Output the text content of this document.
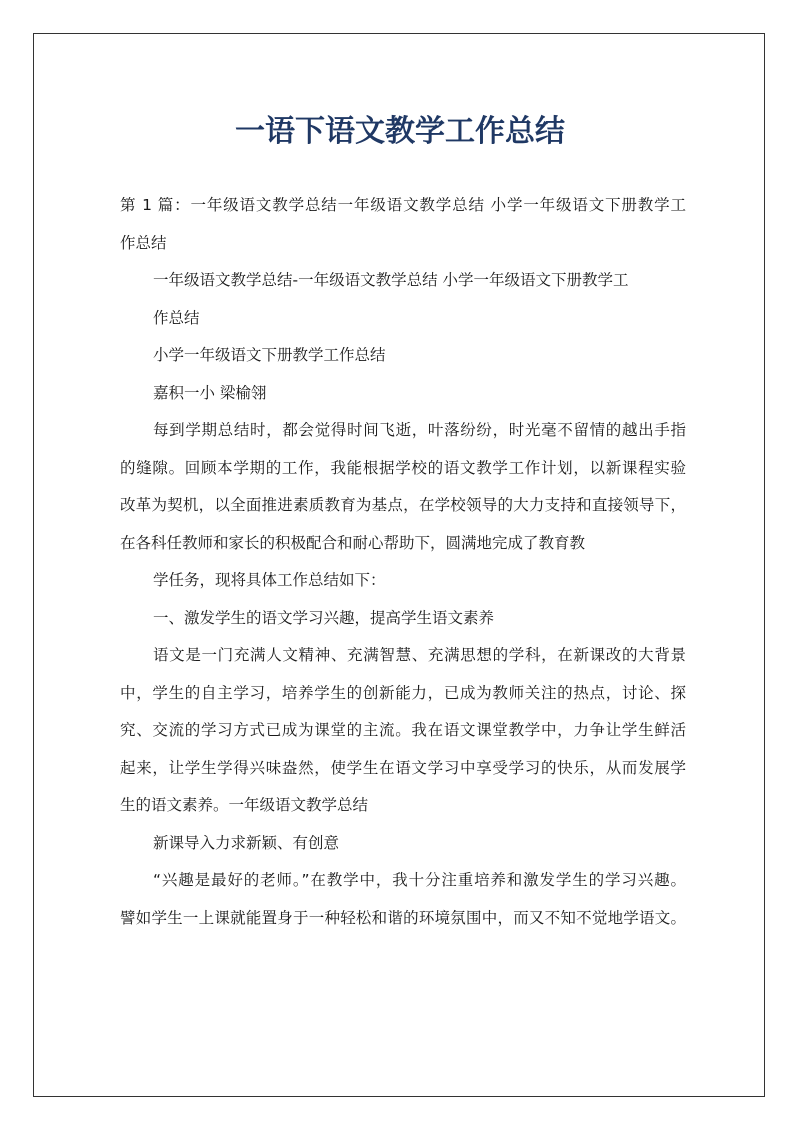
一语下语文教学工作总结
第 1 篇：一年级语文教学总结一年级语文教学总结 小学一年级语文下册教学工
作总结
一年级语文教学总结-一年级语文教学总结 小学一年级语文下册教学工
作总结
小学一年级语文下册教学工作总结
嘉积一小 梁榆翎
每到学期总结时，都会觉得时间飞逝，叶落纷纷，时光毫不留情的越出手指
的缝隙。回顾本学期的工作，我能根据学校的语文教学工作计划，以新课程实验
改革为契机，以全面推进素质教育为基点，在学校领导的大力支持和直接领导下，
在各科任教师和家长的积极配合和耐心帮助下，圆满地完成了教育教
学任务，现将具体工作总结如下：
一、激发学生的语文学习兴趣，提高学生语文素养
语文是一门充满人文精神、充满智慧、充满思想的学科，在新课改的大背景
中，学生的自主学习，培养学生的创新能力，已成为教师关注的热点，讨论、探
究、交流的学习方式已成为课堂的主流。我在语文课堂教学中，力争让学生鲜活
起来，让学生学得兴味盎然，使学生在语文学习中享受学习的快乐，从而发展学
生的语文素养。一年级语文教学总结
新课导入力求新颖、有创意
“兴趣是最好的老师。”在教学中，我十分注重培养和激发学生的学习兴趣。
譬如学生一上课就能置身于一种轻松和谐的环境氛围中，而又不知不觉地学语文。
